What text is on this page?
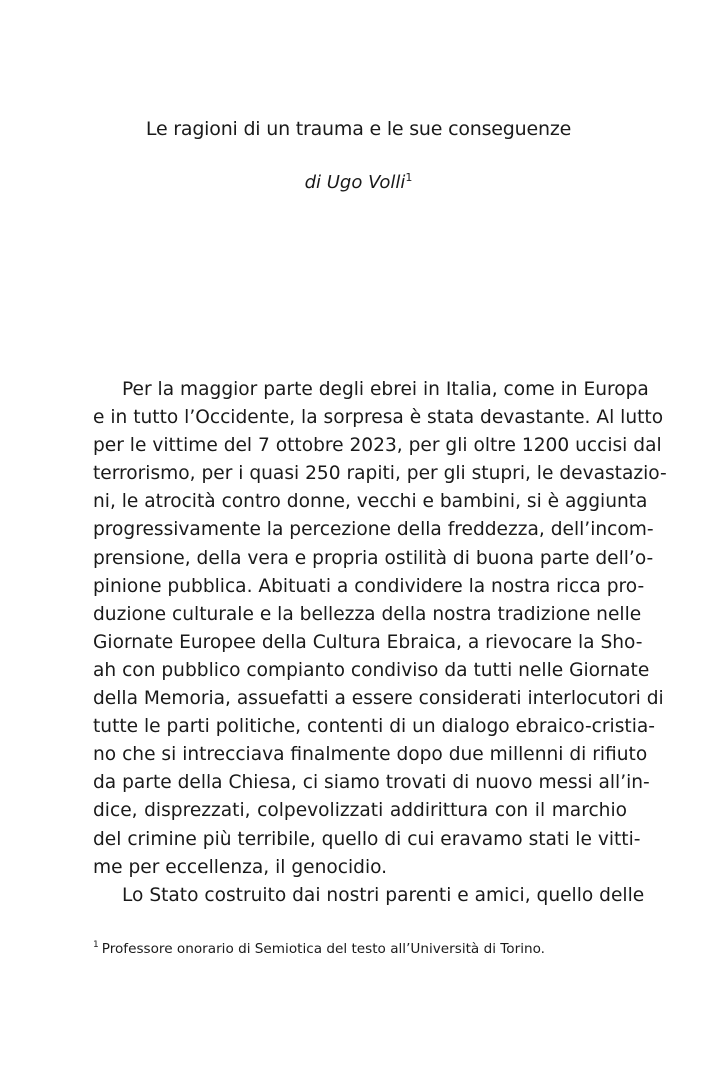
Le ragioni di un trauma e le sue conseguenze
di Ugo Volli$^1$
Per la maggior parte degli ebrei in Italia, come in Europa
e in tutto l’Occidente, la sorpresa è stata devastante. Al lutto
per le vittime del 7 ottobre 2023, per gli oltre 1200 uccisi dal
terrorismo, per i quasi 250 rapiti, per gli stupri, le devastazio-
ni, le atrocità contro donne, vecchi e bambini, si è aggiunta
progressivamente la percezione della freddezza, dell’incom-
prensione, della vera e propria ostilità di buona parte dell’o-
pinione pubblica. Abituati a condividere la nostra ricca pro-
duzione culturale e la bellezza della nostra tradizione nelle
Giornate Europee della Cultura Ebraica, a rievocare la Sho-
ah con pubblico compianto condiviso da tutti nelle Giornate
della Memoria, assuefatti a essere considerati interlocutori di
tutte le parti politiche, contenti di un dialogo ebraico-cristia-
no che si intrecciava finalmente dopo due millenni di rifiuto
da parte della Chiesa, ci siamo trovati di nuovo messi all’in-
dice, disprezzati, colpevolizzati addirittura con il marchio
del crimine più terribile, quello di cui eravamo stati le vitti-
me per eccellenza, il genocidio.
Lo Stato costruito dai nostri parenti e amici, quello delle
$^1$ Professore onorario di Semiotica del testo all’Università di Torino.
